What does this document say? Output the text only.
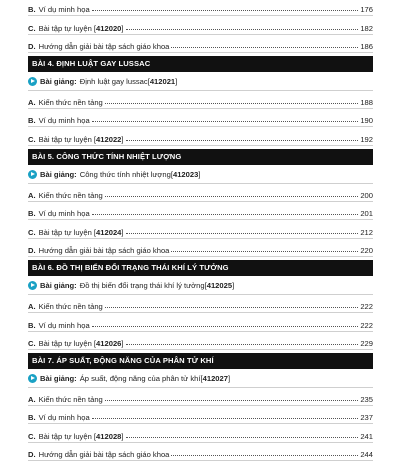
B. Ví dụ minh họa	176
C. Bài tập tự luyện [412020]	182
D. Hướng dẫn giải bài tập sách giáo khoa	186
BÀI 4. ĐỊNH LUẬT GAY LUSSAC
Bài giảng: Định luật gay lussac [ 412021 ]
A. Kiến thức nền tảng	188
B. Ví dụ minh họa	190
C. Bài tập tự luyện [412022]	192
BÀI 5. CÔNG THỨC TÍNH NHIỆT LƯỢNG
Bài giảng: Công thức tính nhiệt lượng [ 412023 ]
A. Kiến thức nền tảng	200
B. Ví dụ minh họa	201
C. Bài tập tự luyện [412024]	212
D. Hướng dẫn giải bài tập sách giáo khoa	220
BÀI 6. ĐỒ THỊ BIẾN ĐỔI TRẠNG THÁI KHÍ LÝ TƯỞNG
Bài giảng: Đồ thị biến đổi trạng thái khí lý tưởng [ 412025 ]
A. Kiến thức nền tảng	222
B. Ví dụ minh họa	222
C. Bài tập tự luyện [412026]	229
BÀI 7. ÁP SUẤT, ĐỘNG NĂNG CỦA PHÂN TỬ KHÍ
Bài giảng: Áp suất, động năng của phân tử khí [ 412027 ]
A. Kiến thức nền tảng	235
B. Ví dụ minh họa	237
C. Bài tập tự luyện [412028]	241
D. Hướng dẫn giải bài tập sách giáo khoa	244
